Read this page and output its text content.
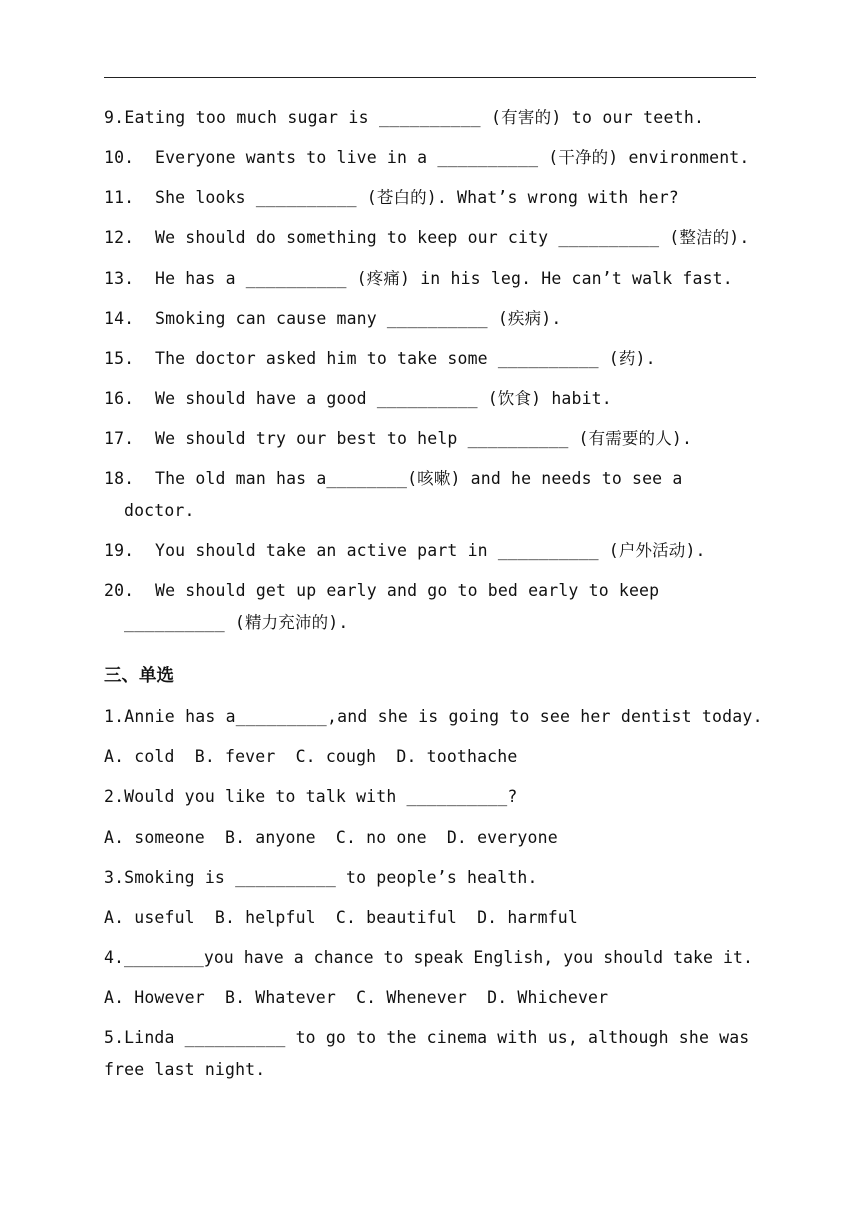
9.Eating too much sugar is __________ (有害的) to our teeth.
10. Everyone wants to live in a __________ (干净的) environment.
11. She looks __________ (苍白的). What’s wrong with her?
12. We should do something to keep our city __________ (整洁的).
13. He has a __________ (疼痛) in his leg. He can’t walk fast.
14. Smoking can cause many __________ (疾病).
15. The doctor asked him to take some __________ (药).
16. We should have a good __________ (饮食) habit.
17. We should try our best to help __________ (有需要的人).
18. The old man has a________(咳嗽) and he needs to see a
doctor.
19. You should take an active part in __________ (户外活动).
20. We should get up early and go to bed early to keep
__________ (精力充沛的).
三、单选
1.Annie has a_________,and she is going to see her dentist today.
A. cold  B. fever  C. cough  D. toothache
2.Would you like to talk with __________?
A. someone  B. anyone  C. no one  D. everyone
3.Smoking is __________ to people’s health.
A. useful  B. helpful  C. beautiful  D. harmful
4.________you have a chance to speak English, you should take it.
A. However  B. Whatever  C. Whenever  D. Whichever
5.Linda __________ to go to the cinema with us, although she was
free last night.
